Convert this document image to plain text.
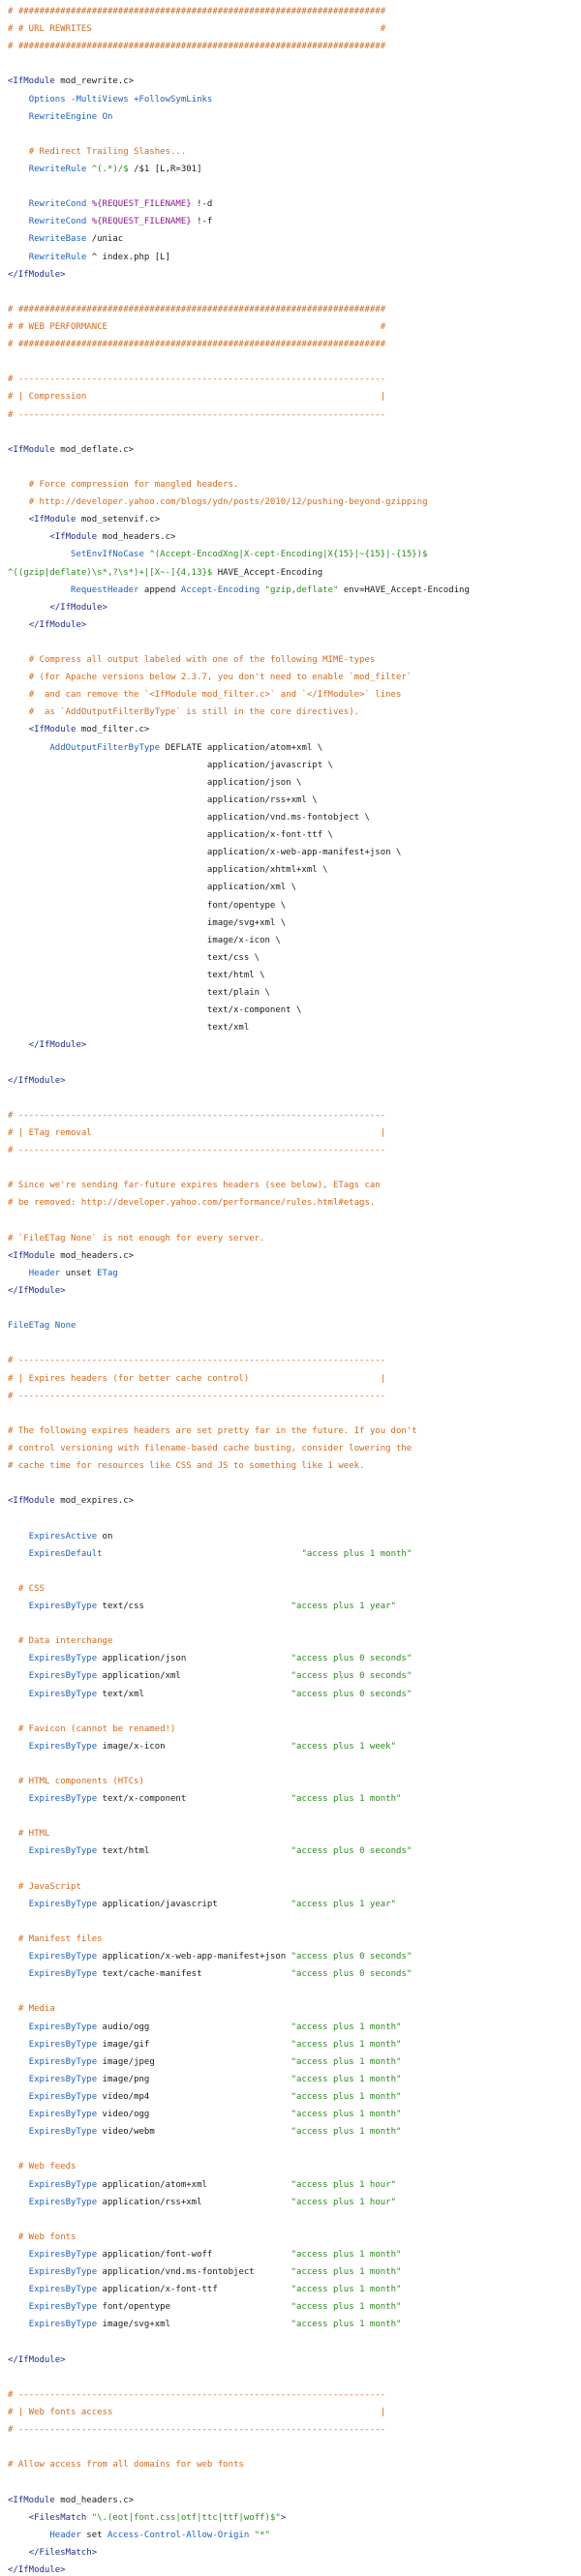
# ######################################################################
# # URL REWRITES                                                       #
# ######################################################################
<IfModule mod_rewrite.c>
Options -MultiViews +FollowSymLinks
RewriteEngine On
# Redirect Trailing Slashes...
RewriteRule ^(.*)/$ /$1 [L,R=301]
RewriteCond %{REQUEST_FILENAME} !-d
RewriteCond %{REQUEST_FILENAME} !-f
RewriteBase /uniac
RewriteRule ^ index.php [L]
</IfModule>
# ######################################################################
# # WEB PERFORMANCE                                                    #
# ######################################################################
# ----------------------------------------------------------------------
# | Compression                                                        |
# ----------------------------------------------------------------------
<IfModule mod_deflate.c>
# Force compression for mangled headers.
# http://developer.yahoo.com/blogs/ydn/posts/2010/12/pushing-beyond-gzipping
<IfModule mod_setenvif.c>
<IfModule mod_headers.c>
SetEnvIfNoCase ^(Accept-EncodXng|X-cept-Encoding|X{15}|~{15}|-{15})$
^((gzip|deflate)\s*,?\s*)+|[X~-]{4,13}$ HAVE_Accept-Encoding
RequestHeader append Accept-Encoding "gzip,deflate" env=HAVE_Accept-Encoding
</IfModule>
</IfModule>
# Compress all output labeled with one of the following MIME-types
# (for Apache versions below 2.3.7, you don't need to enable `mod_filter`
#  and can remove the `<IfModule mod_filter.c>` and `</IfModule>` lines
#  as `AddOutputFilterByType` is still in the core directives).
<IfModule mod_filter.c>
AddOutputFilterByType DEFLATE application/atom+xml \
application/javascript \
application/json \
application/rss+xml \
application/vnd.ms-fontobject \
application/x-font-ttf \
application/x-web-app-manifest+json \
application/xhtml+xml \
application/xml \
font/opentype \
image/svg+xml \
image/x-icon \
text/css \
text/html \
text/plain \
text/x-component \
text/xml
</IfModule>
</IfModule>
# ----------------------------------------------------------------------
# | ETag removal                                                       |
# ----------------------------------------------------------------------
# Since we're sending far-future expires headers (see below), ETags can
# be removed: http://developer.yahoo.com/performance/rules.html#etags.
# `FileETag None` is not enough for every server.
<IfModule mod_headers.c>
Header unset ETag
</IfModule>
FileETag None
# ----------------------------------------------------------------------
# | Expires headers (for better cache control)                         |
# ----------------------------------------------------------------------
# The following expires headers are set pretty far in the future. If you don't
# control versioning with filename-based cache busting, consider lowering the
# cache time for resources like CSS and JS to something like 1 week.
<IfModule mod_expires.c>
ExpiresActive on
ExpiresDefault	"access plus 1 month"
# CSS
ExpiresByType text/css                            "access plus 1 year"
# Data interchange
ExpiresByType application/json                    "access plus 0 seconds"
ExpiresByType application/xml                     "access plus 0 seconds"
ExpiresByType text/xml                            "access plus 0 seconds"
# Favicon (cannot be renamed!)
ExpiresByType image/x-icon                        "access plus 1 week"
# HTML components (HTCs)
ExpiresByType text/x-component                    "access plus 1 month"
# HTML
ExpiresByType text/html                           "access plus 0 seconds"
# JavaScript
ExpiresByType application/javascript              "access plus 1 year"
# Manifest files
ExpiresByType application/x-web-app-manifest+json "access plus 0 seconds"
ExpiresByType text/cache-manifest                 "access plus 0 seconds"
# Media
ExpiresByType audio/ogg                           "access plus 1 month"
ExpiresByType image/gif                           "access plus 1 month"
ExpiresByType image/jpeg                          "access plus 1 month"
ExpiresByType image/png                           "access plus 1 month"
ExpiresByType video/mp4                           "access plus 1 month"
ExpiresByType video/ogg                           "access plus 1 month"
ExpiresByType video/webm                          "access plus 1 month"
# Web feeds
ExpiresByType application/atom+xml                "access plus 1 hour"
ExpiresByType application/rss+xml                 "access plus 1 hour"
# Web fonts
ExpiresByType application/font-woff               "access plus 1 month"
ExpiresByType application/vnd.ms-fontobject       "access plus 1 month"
ExpiresByType application/x-font-ttf              "access plus 1 month"
ExpiresByType font/opentype                       "access plus 1 month"
ExpiresByType image/svg+xml                       "access plus 1 month"
</IfModule>
# ----------------------------------------------------------------------
# | Web fonts access                                                   |
# ----------------------------------------------------------------------
# Allow access from all domains for web fonts
<IfModule mod_headers.c>
<FilesMatch "\.(eot|font.css|otf|ttc|ttf|woff)$">
Header set Access-Control-Allow-Origin "*"
</FilesMatch>
</IfModule>
